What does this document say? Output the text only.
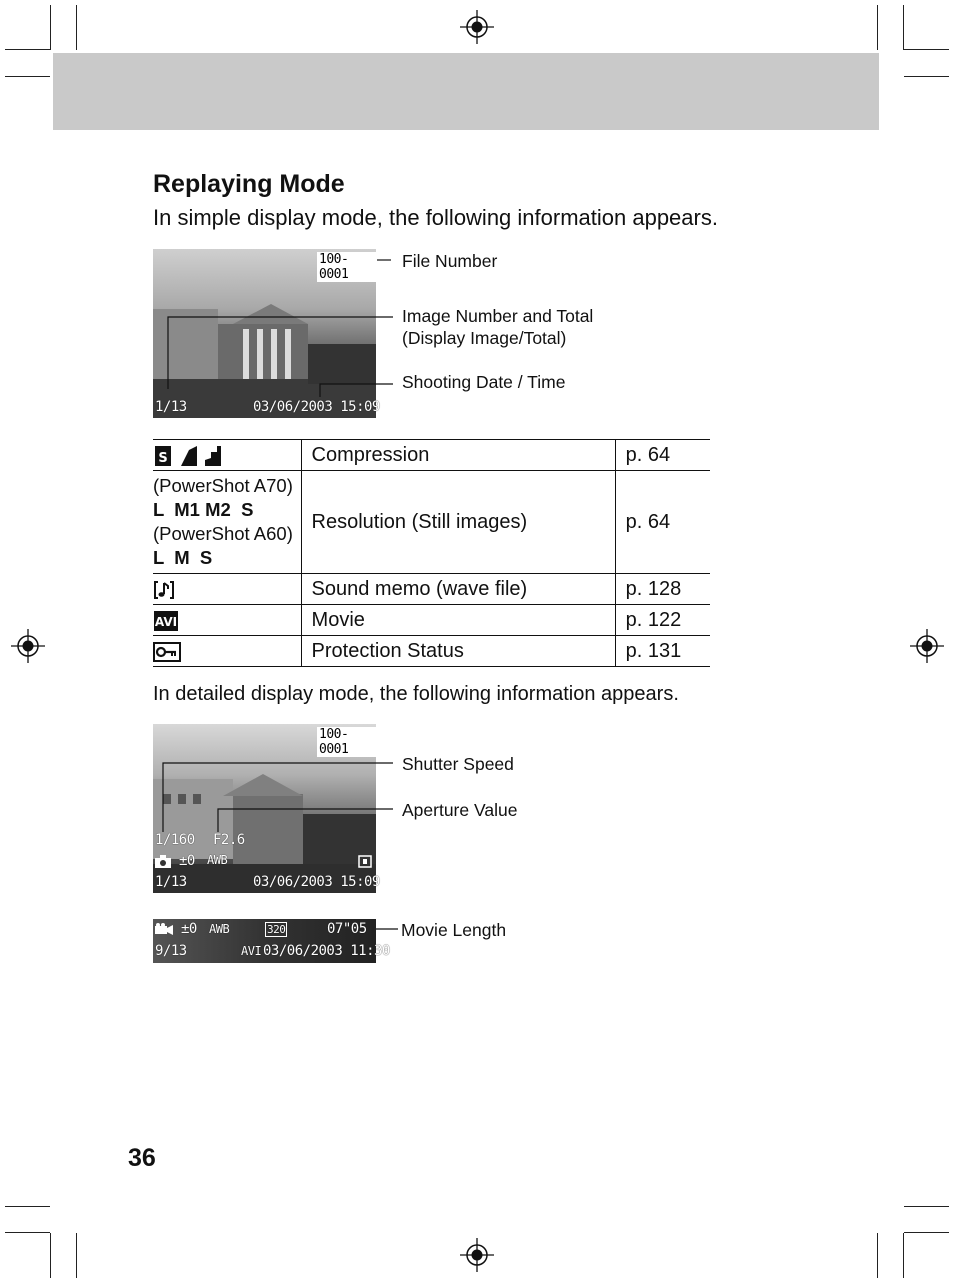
Replaying Mode
In simple display mode, the following information appears.
100-0001
1/13	03/06/2003 15:09
File Number
Image Number and Total
(Display Image/Total)
Shooting Date / Time
S	Compression	p. 64

(PowerShot A70)
L  M1 M2  S
(PowerShot A60)
L  M  S	Resolution (Still images)	p. 64
	Sound memo (wave file)	p. 128

AVI	Movie	p. 122
	Protection Status	p. 131
In detailed display mode, the following information appears.
100-0001
1/160 F2.6
±0 AWB
1/13	03/06/2003 15:09
Shutter Speed
Aperture Value
±0 AWB	320	07"05
9/13	AVI 03/06/2003 11:30
Movie Length
36
